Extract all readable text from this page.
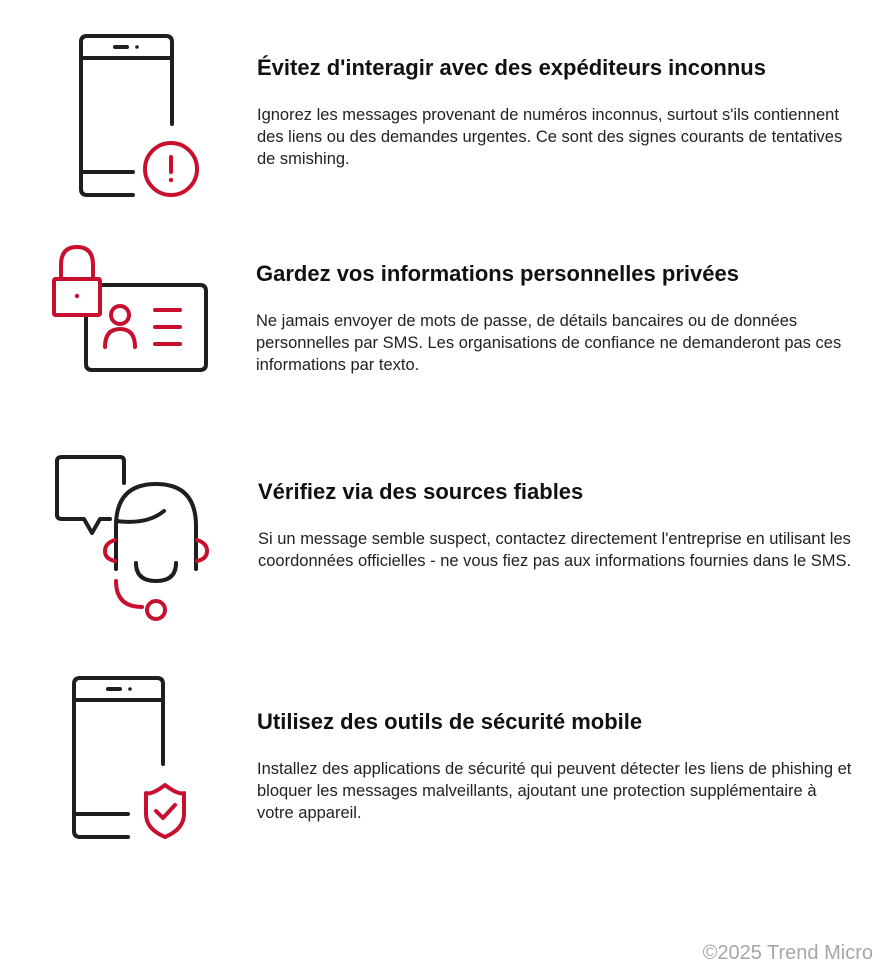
Évitez d'interagir avec des expéditeurs inconnus

Ignorez les messages provenant de numéros inconnus, surtout s'ils contiennent des liens ou des demandes urgentes. Ce sont des signes courants de tentatives de smishing.

Gardez vos informations personnelles privées

Ne jamais envoyer de mots de passe, de détails bancaires ou de données personnelles par SMS. Les organisations de confiance ne demanderont pas ces informations par texto.

Vérifiez via des sources fiables

Si un message semble suspect, contactez directement l'entreprise en utilisant les coordonnées officielles - ne vous fiez pas aux informations fournies dans le SMS.

Utilisez des outils de sécurité mobile

Installez des applications de sécurité qui peuvent détecter les liens de phishing et bloquer les messages malveillants, ajoutant une protection supplémentaire à votre appareil.

©2025 Trend Micro
